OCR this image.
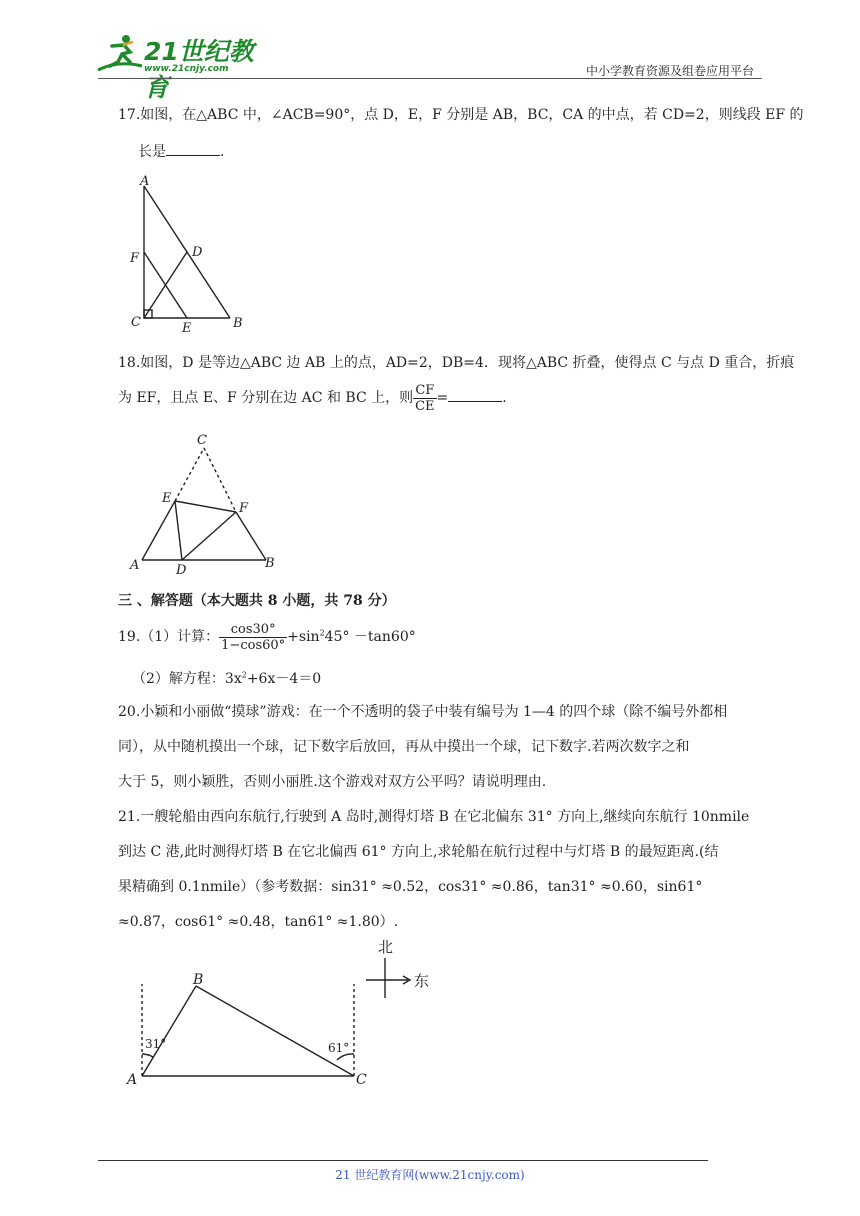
21世纪教育
www.21cnjy.com	中小学教育资源及组卷应用平台
17.如图，在△ABC 中，∠ACB=90°，点 D，E，F 分别是 AB，BC，CA 的中点，若 CD=2，则线段 EF 的
长是	.
A
B
C
D
E
F
18.如图，D 是等边△ABC 边 AB 上的点，AD=2，DB=4．现将△ABC 折叠，使得点 C 与点 D 重合，折痕
为 EF，且点 E、F 分别在边 AC 和 BC 上，则 $\frac{CF}{CE}$ =	.
C
E
F
A	D	B
三 、解答题（本大题共 8 小题，共 78 分）
19.（1）计算： $\frac{\cos 30^\circ}{1-\cos 60^\circ} +\sin^245^\circ -\tan 60^\circ$
（2）解方程：$3x^2+6x-4=0$
20.小颖和小丽做“摸球”游戏：在一个不透明的袋子中装有编号为 1—4 的四个球（除不编号外都相
同），从中随机摸出一个球，记下数字后放回，再从中摸出一个球，记下数字.若两次数字之和
大于 5，则小颖胜，否则小丽胜.这个游戏对双方公平吗？请说明理由.
21.一艘轮船由西向东航行,行驶到 A 岛时,测得灯塔 B 在它北偏东 31° 方向上,继续向东航行 10nmile
到达 C 港,此时测得灯塔 B 在它北偏西 61° 方向上,求轮船在航行过程中与灯塔 B 的最短距离.(结
果精确到 0.1nmile）（参考数据：sin31° ≈0.52，cos31° ≈0.86，tan31° ≈0.60，sin61°
≈0.87，cos61° ≈0.48，tan61° ≈1.80）.
B
A	C
31°	61°
北
东
21 世纪教育网(www.21cnjy.com)
